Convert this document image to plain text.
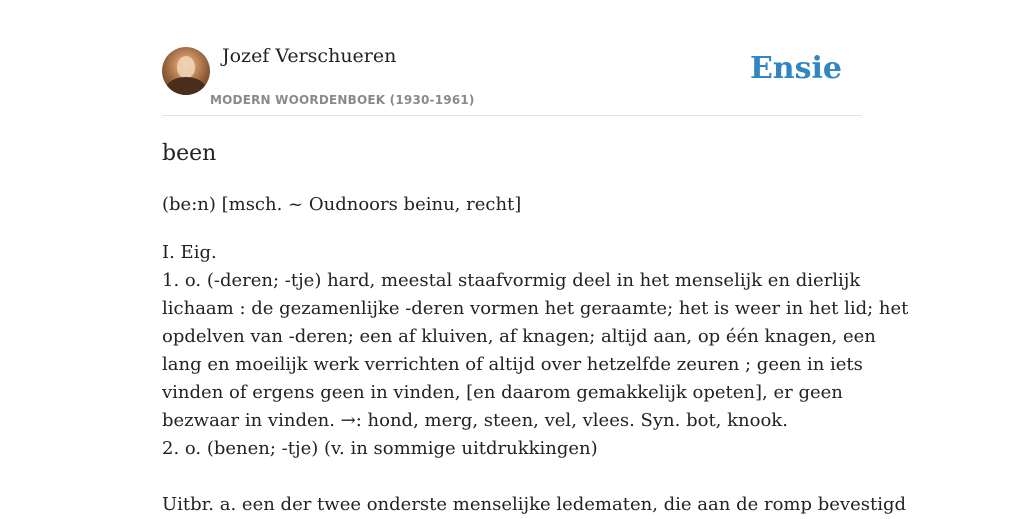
Jozef Verschueren
MODERN WOORDENBOEK (1930-1961)
Ensie
been
(be:n) [msch. ~ Oudnoors beinu, recht]
I. Eig.
1. o. (-deren; -tje) hard, meestal staafvormig deel in het menselijk en dierlijk
lichaam : de gezamenlijke -deren vormen het geraamte; het is weer in het lid; het
opdelven van -deren; een af kluiven, af knagen; altijd aan, op één knagen, een
lang en moeilijk werk verrichten of altijd over hetzelfde zeuren ; geen in iets
vinden of ergens geen in vinden, [en daarom gemakkelijk opeten], er geen
bezwaar in vinden. →: hond, merg, steen, vel, vlees. Syn. bot, knook.
2. o. (benen; -tje) (v. in sommige uitdrukkingen)
Uitbr. a. een der twee onderste menselijke ledematen, die aan de romp bevestigd
